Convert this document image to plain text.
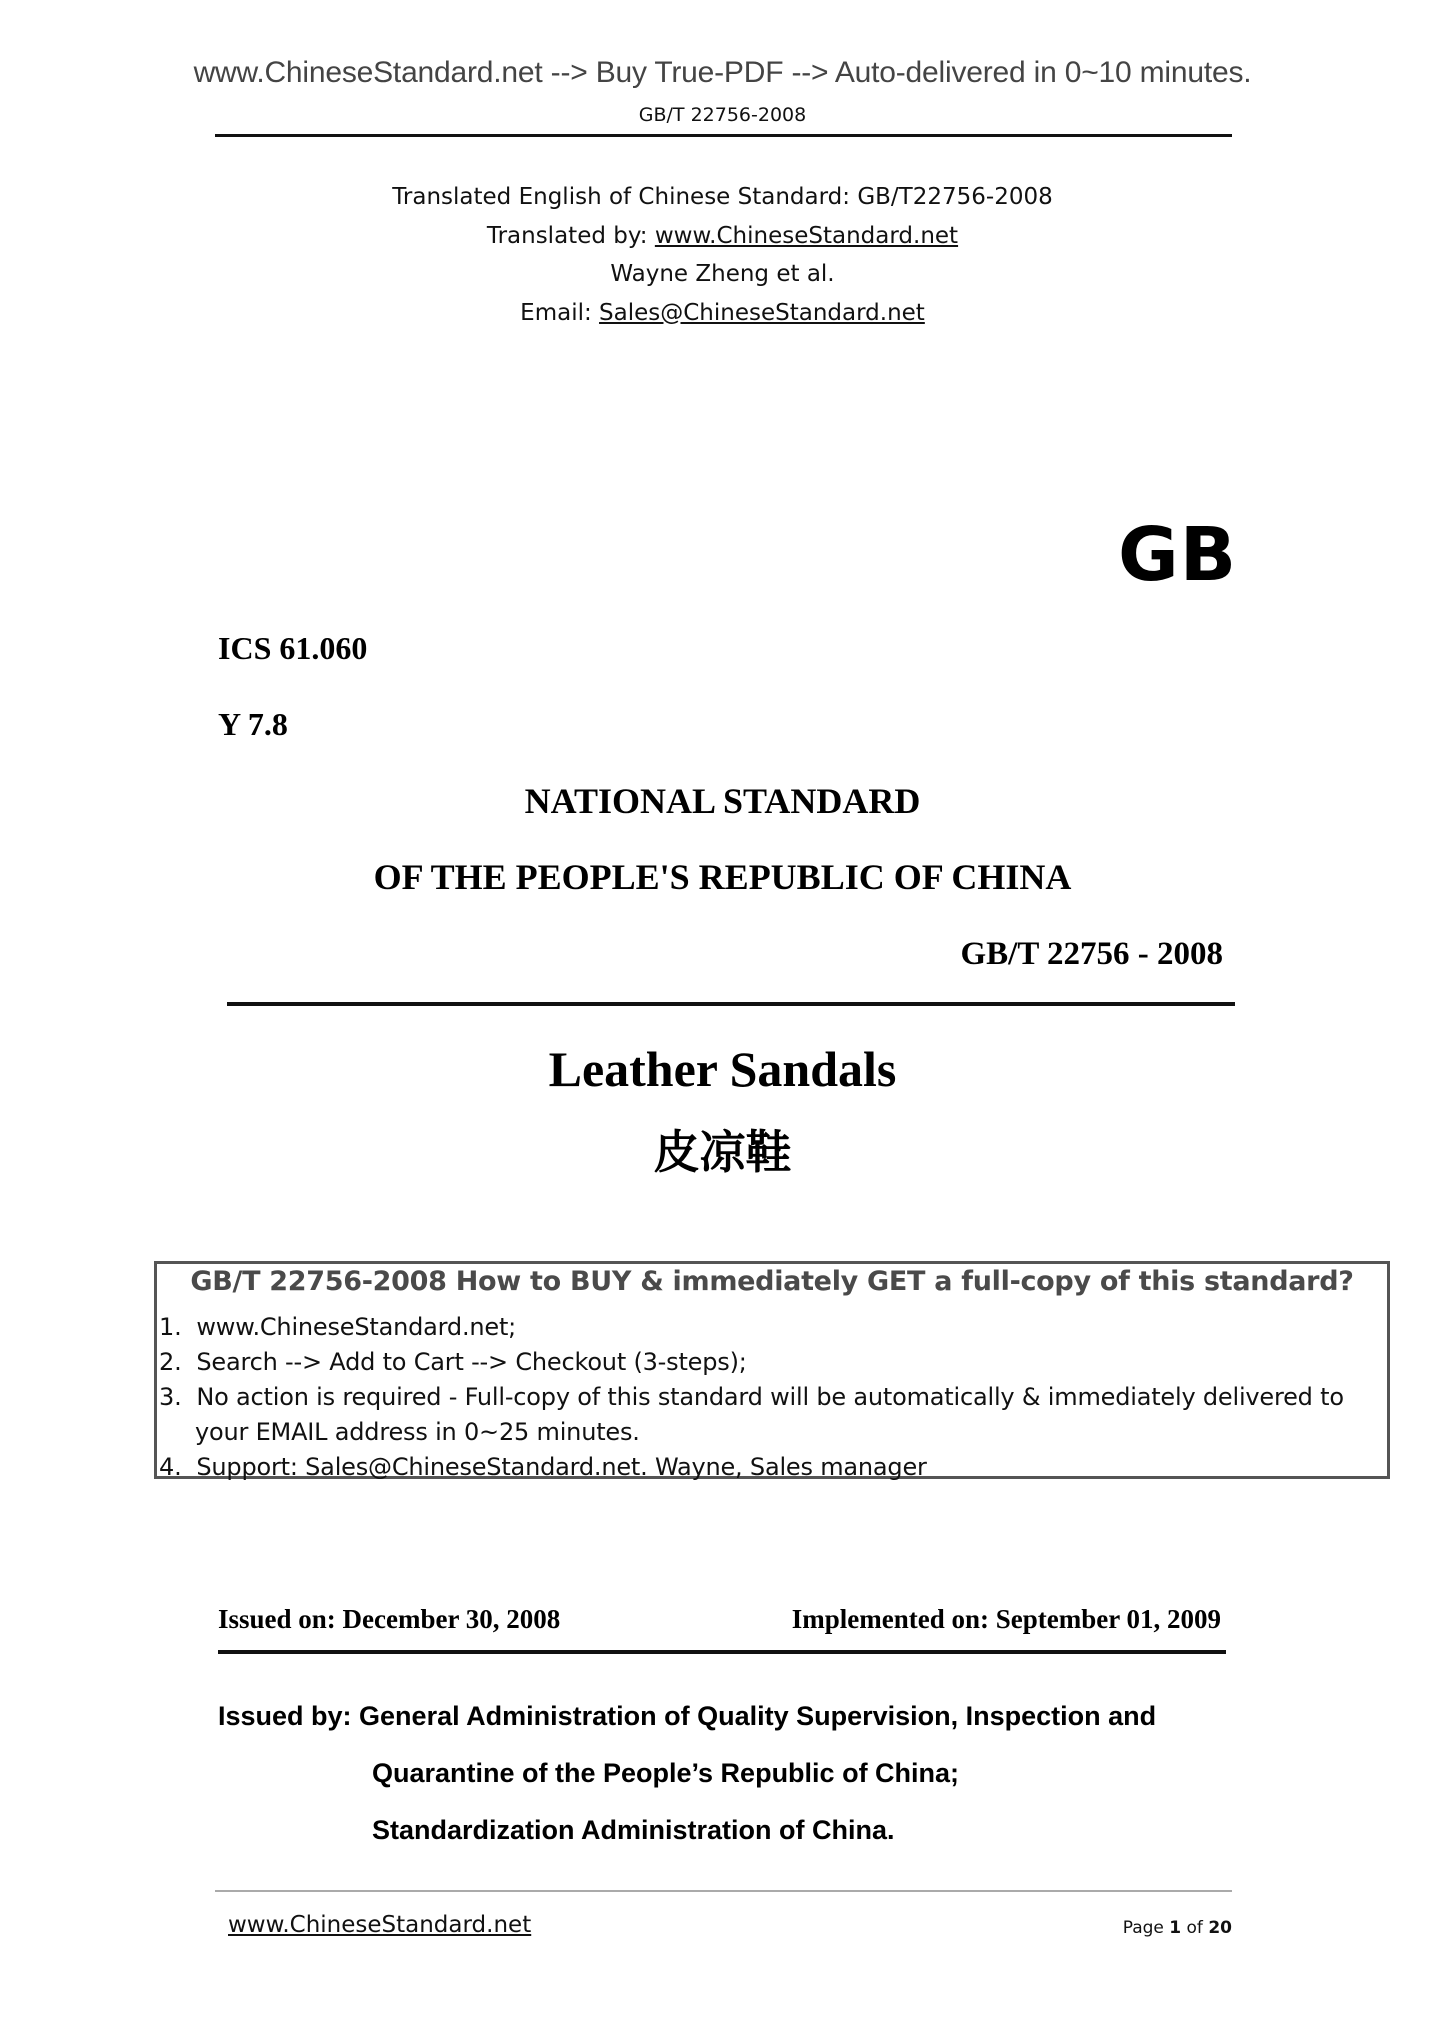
www.ChineseStandard.net --> Buy True-PDF --> Auto-delivered in 0~10 minutes.
GB/T 22756-2008
Translated English of Chinese Standard: GB/T22756-2008
Translated by: www.ChineseStandard.net
Wayne Zheng et al.
Email: Sales@ChineseStandard.net
GB
ICS 61.060
Y 7.8
NATIONAL STANDARD
OF THE PEOPLE'S REPUBLIC OF CHINA
GB/T 22756 - 2008
Leather Sandals
皮凉鞋
GB/T 22756-2008 How to BUY & immediately GET a full-copy of this standard?
1. www.ChineseStandard.net;
2. Search --> Add to Cart --> Checkout (3-steps);
3. No action is required - Full-copy of this standard will be automatically & immediately delivered to
your EMAIL address in 0~25 minutes.
4. Support: Sales@ChineseStandard.net. Wayne, Sales manager
Issued on: December 30, 2008	Implemented on: September 01, 2009
Issued by: General Administration of Quality Supervision, Inspection and
Quarantine of the People’s Republic of China;
Standardization Administration of China.
www.ChineseStandard.net	Page 1 of 20
